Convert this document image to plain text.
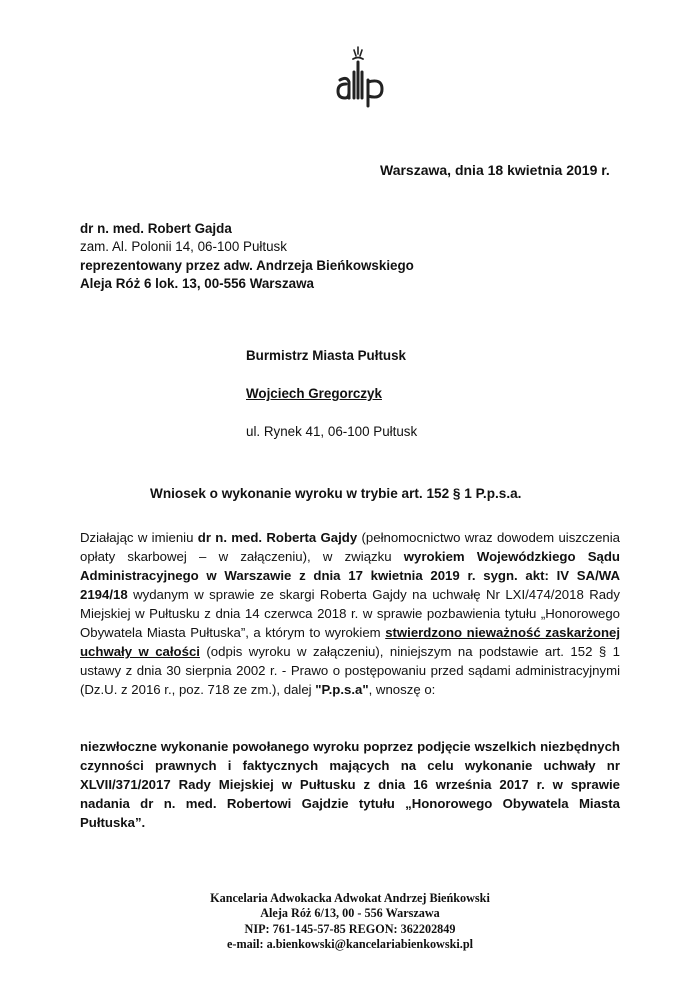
Warszawa, dnia 18 kwietnia 2019 r.
dr n. med. Robert Gajda
zam. Al. Polonii 14, 06-100 Pułtusk
reprezentowany przez adw. Andrzeja Bieńkowskiego
Aleja Róż 6 lok. 13, 00-556 Warszawa
Burmistrz Miasta Pułtusk
Wojciech Gregorczyk
ul. Rynek 41, 06-100 Pułtusk
Wniosek o wykonanie wyroku w trybie art. 152 § 1 P.p.s.a.
Działając w imieniu dr n. med. Roberta Gajdy (pełnomocnictwo wraz dowodem uiszczenia opłaty skarbowej – w załączeniu), w związku wyrokiem Wojewódzkiego Sądu Administracyjnego w Warszawie z dnia 17 kwietnia 2019 r. sygn. akt: IV SA/WA 2194/18 wydanym w sprawie ze skargi Roberta Gajdy na uchwałę Nr LXI/474/2018 Rady Miejskiej w Pułtusku z dnia 14 czerwca 2018 r. w sprawie pozbawienia tytułu „Honorowego Obywatela Miasta Pułtuska”, a którym to wyrokiem stwierdzono nieważność zaskarżonej uchwały w całości (odpis wyroku w załączeniu), niniejszym na podstawie art. 152 § 1 ustawy z dnia 30 sierpnia 2002 r. - Prawo o postępowaniu przed sądami administracyjnymi (Dz.U. z 2016 r., poz. 718 ze zm.), dalej "P.p.s.a", wnoszę o:
niezwłoczne wykonanie powołanego wyroku poprzez podjęcie wszelkich niezbędnych czynności prawnych i faktycznych mających na celu wykonanie uchwały nr XLVII/371/2017 Rady Miejskiej w Pułtusku z dnia 16 września 2017 r. w sprawie nadania dr n. med. Robertowi Gajdzie tytułu „Honorowego Obywatela Miasta Pułtuska”.
Kancelaria Adwokacka Adwokat Andrzej Bieńkowski
Aleja Róż 6/13, 00 - 556 Warszawa
NIP: 761-145-57-85 REGON: 362202849
e-mail: a.bienkowski@kancelariabienkowski.pl
